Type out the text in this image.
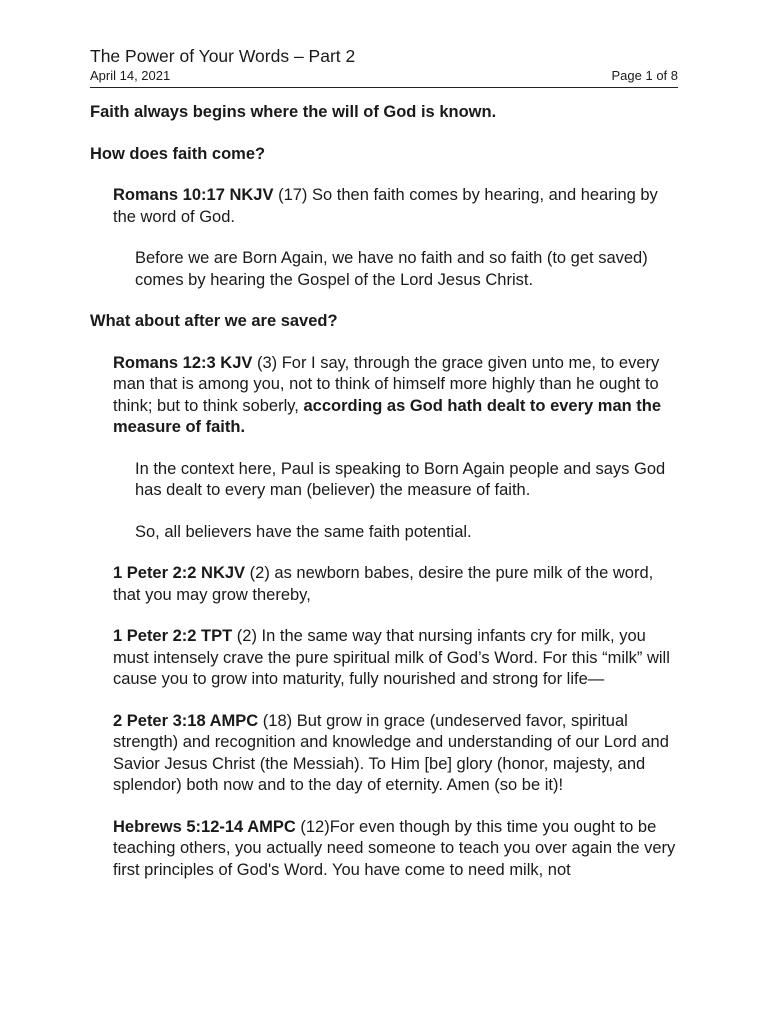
The Power of Your Words – Part 2
April 14, 2021	Page 1 of 8

Faith always begins where the will of God is known.

How does faith come?

Romans 10:17 NKJV (17) So then faith comes by hearing, and hearing by the word of God.

Before we are Born Again, we have no faith and so faith (to get saved) comes by hearing the Gospel of the Lord Jesus Christ.

What about after we are saved?

Romans 12:3 KJV (3) For I say, through the grace given unto me, to every man that is among you, not to think of himself more highly than he ought to think; but to think soberly, according as God hath dealt to every man the measure of faith.

In the context here, Paul is speaking to Born Again people and says God has dealt to every man (believer) the measure of faith.

So, all believers have the same faith potential.

1 Peter 2:2 NKJV (2) as newborn babes, desire the pure milk of the word, that you may grow thereby,

1 Peter 2:2 TPT (2) In the same way that nursing infants cry for milk, you must intensely crave the pure spiritual milk of God’s Word. For this “milk” will cause you to grow into maturity, fully nourished and strong for life—

2 Peter 3:18 AMPC (18) But grow in grace (undeserved favor, spiritual strength) and recognition and knowledge and understanding of our Lord and Savior Jesus Christ (the Messiah). To Him [be] glory (honor, majesty, and splendor) both now and to the day of eternity. Amen (so be it)!

Hebrews 5:12-14 AMPC (12)For even though by this time you ought to be teaching others, you actually need someone to teach you over again the very first principles of God's Word. You have come to need milk, not
